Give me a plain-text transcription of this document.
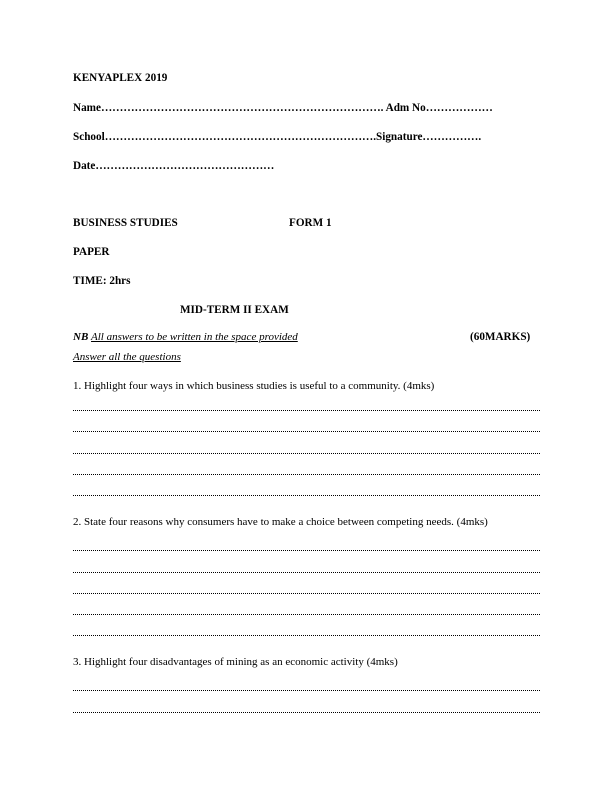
KENYAPLEX 2019
Name…………………………………………………………………. Adm No………………
School……………………………………………………………….Signature…………….
Date…………………………………………
BUSINESS STUDIES	FORM 1
PAPER
TIME: 2hrs
MID-TERM II EXAM
NB All answers to be written in the space provided	(60MARKS)
Answer all the questions
1. Highlight four ways in which business studies is useful to a community. (4mks)
2. State four reasons why consumers have to make a choice between competing needs. (4mks)
3. Highlight four disadvantages of mining as an economic activity (4mks)
